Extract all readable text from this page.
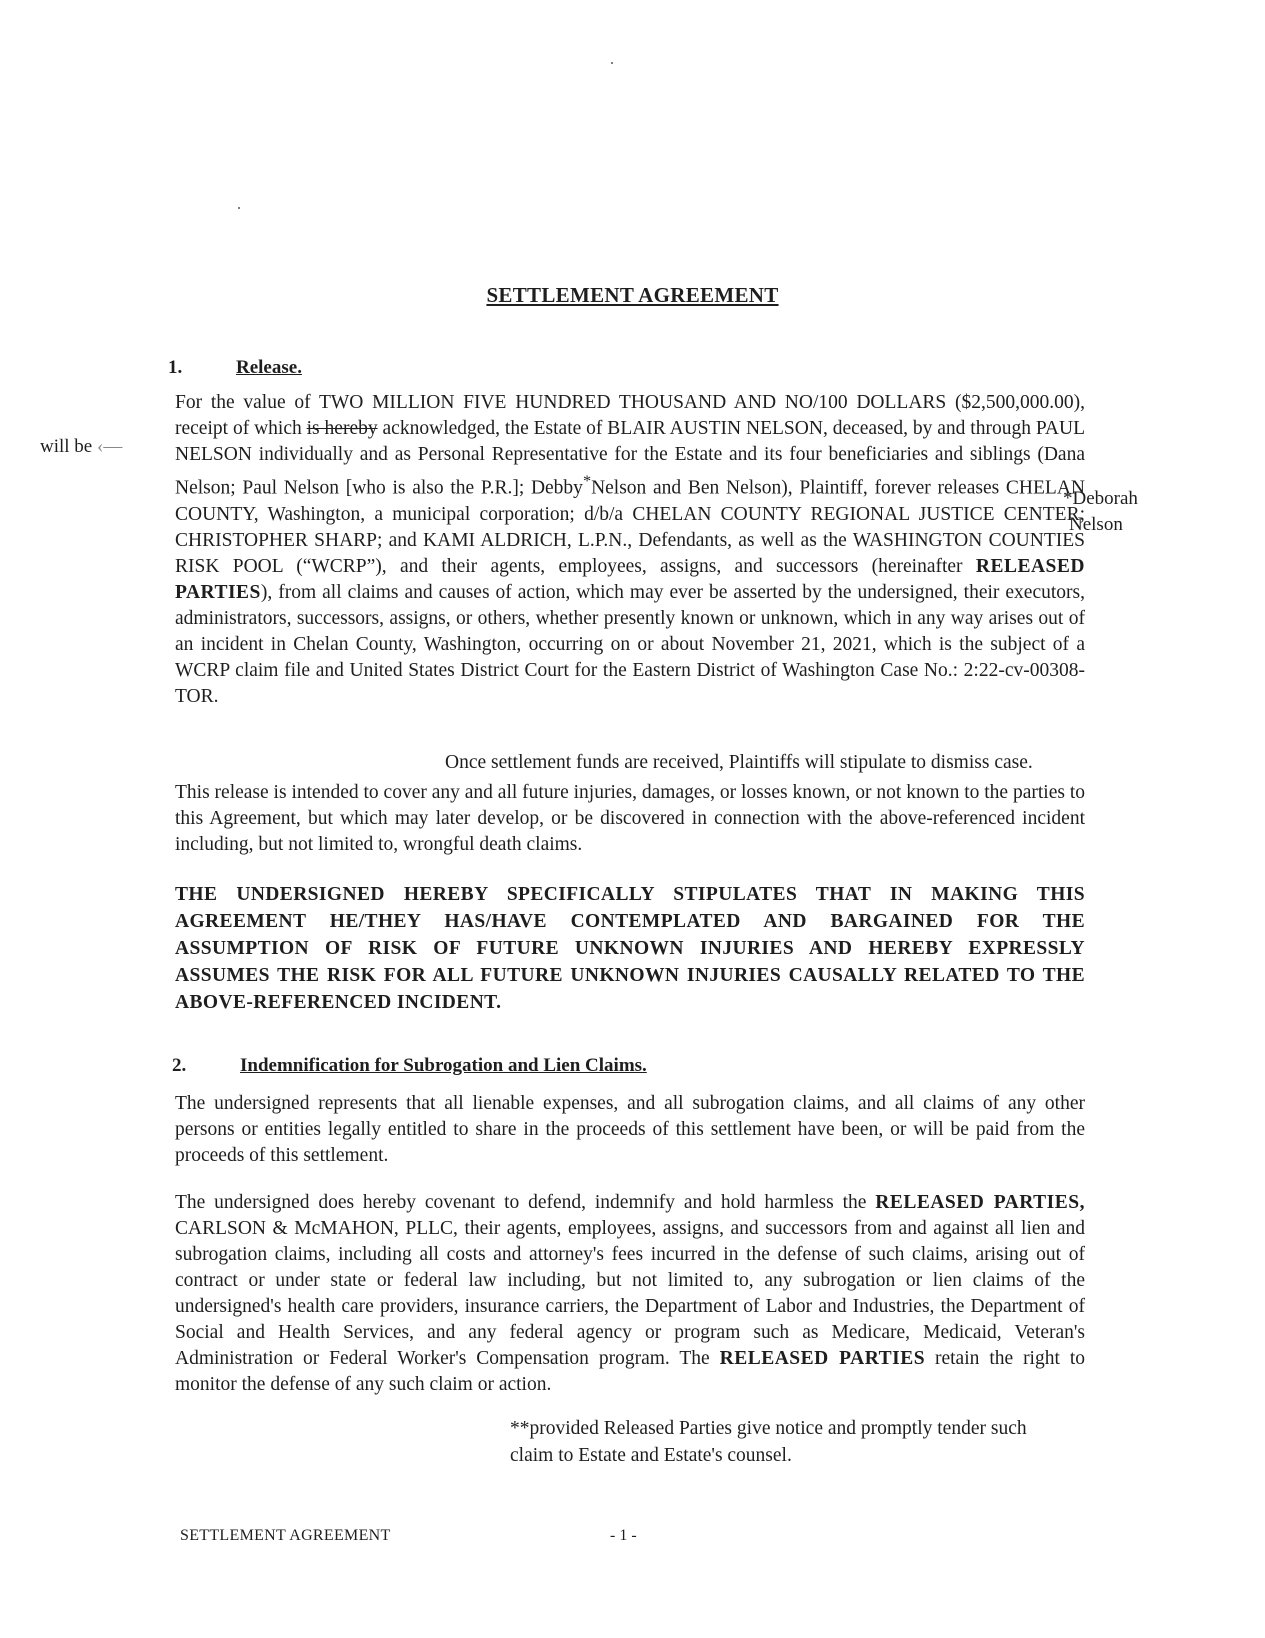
SETTLEMENT AGREEMENT
1.	Release.
will be ‹—
*Deborah
Nelson
For the value of TWO MILLION FIVE HUNDRED THOUSAND AND NO/100 DOLLARS ($2,500,000.00), receipt of which is hereby acknowledged, the Estate of BLAIR AUSTIN NELSON, deceased, by and through PAUL NELSON individually and as Personal Representative for the Estate and its four beneficiaries and siblings (Dana Nelson; Paul Nelson [who is also the P.R.]; Debby*Nelson and Ben Nelson), Plaintiff, forever releases CHELAN COUNTY, Washington, a municipal corporation; d/b/a CHELAN COUNTY REGIONAL JUSTICE CENTER; CHRISTOPHER SHARP; and KAMI ALDRICH, L.P.N., Defendants, as well as the WASHINGTON COUNTIES RISK POOL (“WCRP”), and their agents, employees, assigns, and successors (hereinafter RELEASED PARTIES), from all claims and causes of action, which may ever be asserted by the undersigned, their executors, administrators, successors, assigns, or others, whether presently known or unknown, which in any way arises out of an incident in Chelan County, Washington, occurring on or about November 21, 2021, which is the subject of a WCRP claim file and United States District Court for the Eastern District of Washington Case No.: 2:22-cv-00308-TOR.
Once settlement funds are received, Plaintiffs will stipulate to dismiss case.
This release is intended to cover any and all future injuries, damages, or losses known, or not known to the parties to this Agreement, but which may later develop, or be discovered in connection with the above-referenced incident including, but not limited to, wrongful death claims.
THE UNDERSIGNED HEREBY SPECIFICALLY STIPULATES THAT IN MAKING THIS AGREEMENT HE/THEY HAS/HAVE CONTEMPLATED AND BARGAINED FOR THE ASSUMPTION OF RISK OF FUTURE UNKNOWN INJURIES AND HEREBY EXPRESSLY ASSUMES THE RISK FOR ALL FUTURE UNKNOWN INJURIES CAUSALLY RELATED TO THE ABOVE-REFERENCED INCIDENT.
2.	Indemnification for Subrogation and Lien Claims.
The undersigned represents that all lienable expenses, and all subrogation claims, and all claims of any other persons or entities legally entitled to share in the proceeds of this settlement have been, or will be paid from the proceeds of this settlement.
The undersigned does hereby covenant to defend, indemnify and hold harmless the RELEASED PARTIES, CARLSON & McMAHON, PLLC, their agents, employees, assigns, and successors from and against all lien and subrogation claims, including all costs and attorney's fees incurred in the defense of such claims, arising out of contract or under state or federal law including, but not limited to, any subrogation or lien claims of the undersigned's health care providers, insurance carriers, the Department of Labor and Industries, the Department of Social and Health Services, and any federal agency or program such as Medicare, Medicaid, Veteran's Administration or Federal Worker's Compensation program. The RELEASED PARTIES retain the right to monitor the defense of any such claim or action.
**provided Released Parties give notice and promptly tender such
claim to Estate and Estate's counsel.
SETTLEMENT AGREEMENT	- 1 -
